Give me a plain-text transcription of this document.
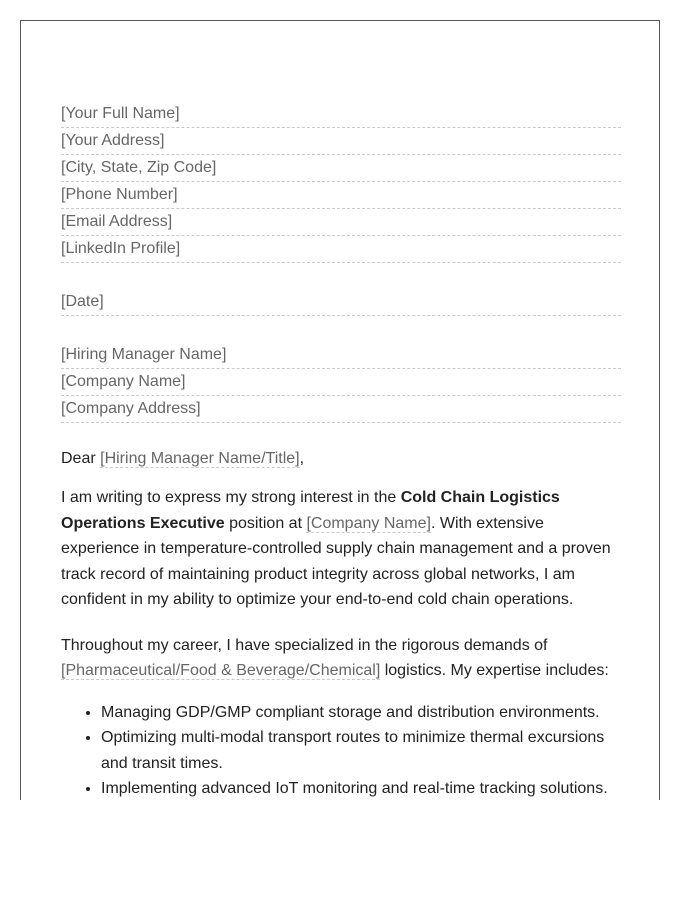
[Your Full Name]
[Your Address]
[City, State, Zip Code]
[Phone Number]
[Email Address]
[LinkedIn Profile]
[Date]
[Hiring Manager Name]
[Company Name]
[Company Address]

Dear [Hiring Manager Name/Title],

I am writing to express my strong interest in the Cold Chain Logistics Operations Executive position at [Company Name]. With extensive experience in temperature-controlled supply chain management and a proven track record of maintaining product integrity across global networks, I am confident in my ability to optimize your end-to-end cold chain operations.

Throughout my career, I have specialized in the rigorous demands of [Pharmaceutical/Food & Beverage/Chemical] logistics. My expertise includes:

• Managing GDP/GMP compliant storage and distribution environments.
• Optimizing multi-modal transport routes to minimize thermal excursions and transit times.
• Implementing advanced IoT monitoring and real-time tracking solutions.
